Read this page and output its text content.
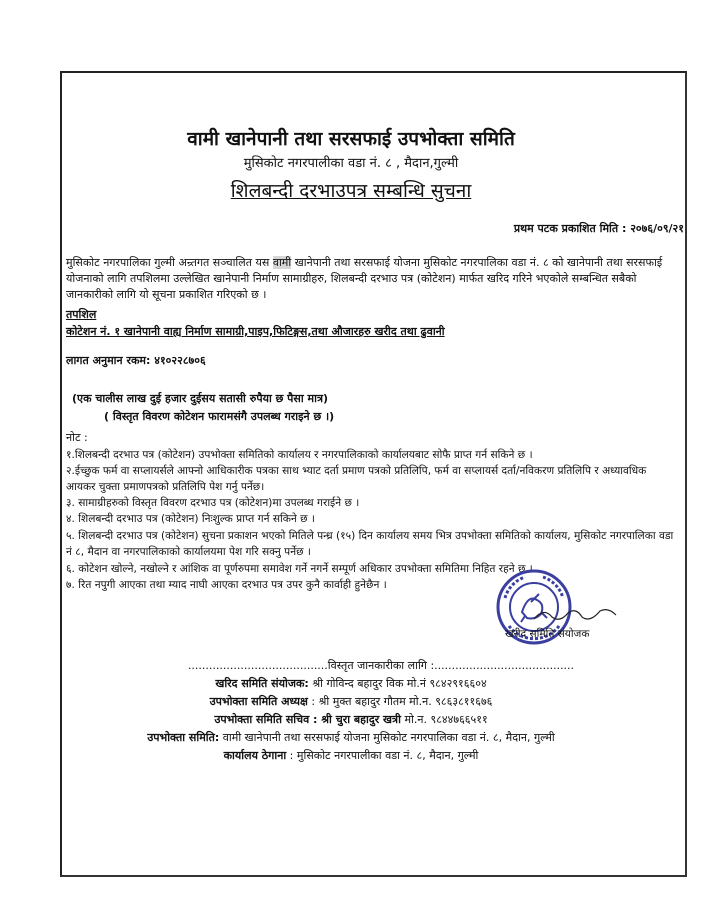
वामी खानेपानी तथा सरसफाई उपभोक्ता समिति
मुसिकोट नगरपालीका वडा नं. ८ , मैदान,गुल्मी
शिलबन्दी दरभाउपत्र सम्बन्धि सुचना
प्रथम पटक प्रकाशित मिति : २०७६/०९/२१
मुसिकोट नगरपालिका गुल्मी अन्र्तगत सञ्चालित यस वामी खानेपानी तथा सरसफाई योजना मुसिकोट नगरपालिका वडा नं. ८ को खानेपानी तथा सरसफाई योजनाको लागि तपशिलमा उल्लेखित खानेपानी निर्माण सामाग्रीहरु, शिलबन्दी दरभाउ पत्र (कोटेशन) मार्फत खरिद गरिने भएकोले सम्बन्धित सबैको जानकारीको लागि यो सूचना प्रकाशित गरिएको छ ।
तपशिल
कोटेशन नं. १ खानेपानी वाह्य निर्माण सामाग्री,पाइप,फिटिङ्गस,तथा औजारहरु खरीद तथा ढुवानी
लागत अनुमान रकम: ४१०२२८७०६
(एक चालीस लाख दुई हजार दुईसय सतासी रुपैया छ पैसा मात्र)
( विस्तृत विवरण कोटेशन फारामसंगै उपलब्ध गराइने छ ।)
नोट :
१.शिलबन्दी दरभाउ पत्र (कोटेशन) उपभोक्ता समितिको कार्यालय र नगरपालिकाको कार्यालयबाट सोफै प्राप्त गर्न सकिने छ ।
२.ईच्छुक फर्म वा सप्लायर्सले आफ्नो आधिकारीक पत्रका साथ भ्याट दर्ता प्रमाण पत्रको प्रतिलिपि, फर्म वा सप्लायर्स दर्ता/नविकरण प्रतिलिपि र अध्यावधिक आयकर चुक्ता प्रमाणपत्रको प्रतिलिपि पेश गर्नु पर्नेछ।
३. सामाग्रीहरुको विस्तृत विवरण दरभाउ पत्र (कोटेशन)मा उपलब्ध गराईने छ ।
४. शिलबन्दी दरभाउ पत्र (कोटेशन) निःशुल्क प्राप्त गर्न सकिने छ ।
५. शिलबन्दी दरभाउ पत्र (कोटेशन) सुचना प्रकाशन भएको मितिले पन्ध्र (१५) दिन कार्यालय समय भित्र उपभोक्ता समितिको कार्यालय, मुसिकोट नगरपालिका वडा नं ८, मैदान वा नगरपालिकाको कार्यालयमा पेश गरि सक्नु पर्नेछ ।
६. कोटेशन खोल्ने, नखोल्ने र आंशिक वा पूर्णरुपमा समावेश गर्ने नगर्ने सम्पूर्ण अधिकार उपभोक्ता समितिमा निहित रहने छ ।
७. रित नपुगी आएका तथा म्याद नाघी आएका दरभाउ पत्र उपर कुनै कार्वाही हुनेछैन ।
खरीद समिति संयोजक
........................................विस्तृत जानकारीका लागि :........................................
खरिद समिति संयोजक: श्री गोविन्द बहादुर विक मो.नं ९८४२९१६६०४
उपभोक्ता समिति अध्यक्ष : श्री मुक्त बहादुर गौतम मो.न. ९८६३८११६७६
उपभोक्ता समिति सचिव : श्री चुरा बहादुर खत्री मो.न. ९८४४७६६५११
उपभोक्ता समिति: वामी खानेपानी तथा सरसफाई योजना मुसिकोट नगरपालिका वडा नं. ८, मैदान, गुल्मी
कार्यालय ठेगाना : मुसिकोट नगरपालीका वडा नं. ८, मैदान, गुल्मी
